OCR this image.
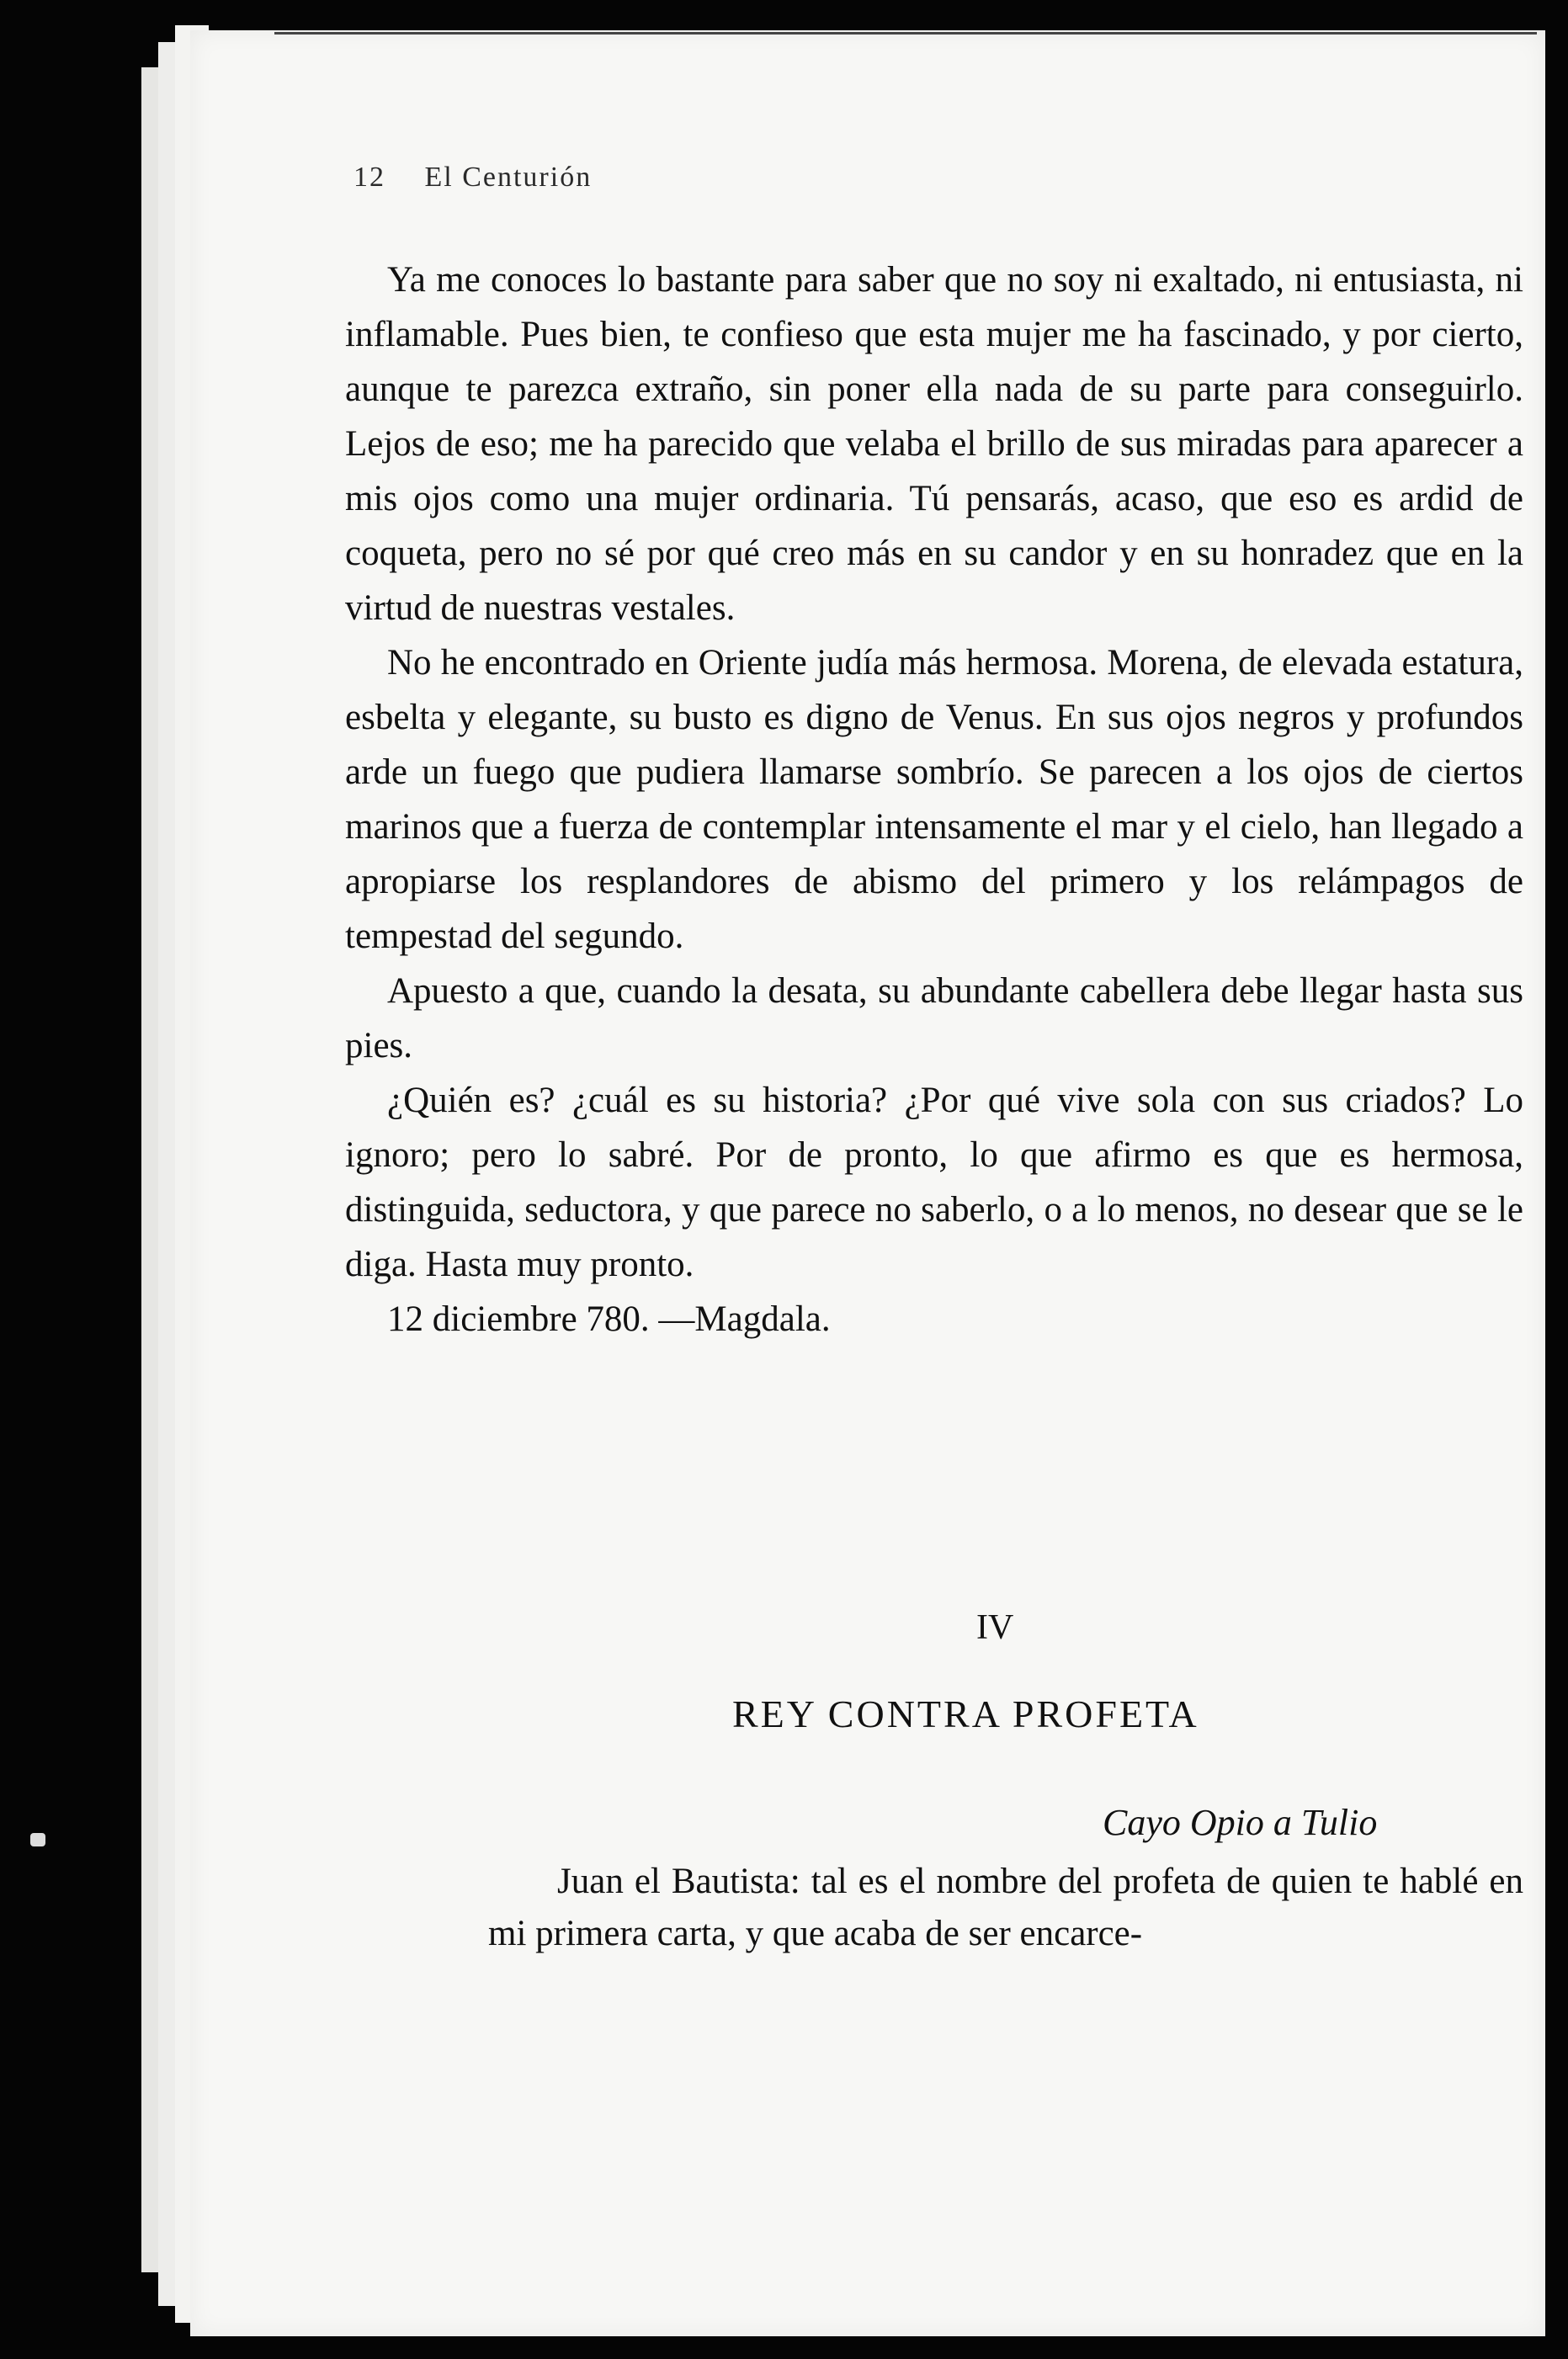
12 El Centurión

Ya me conoces lo bastante para saber que no soy ni exaltado, ni entusiasta, ni inflamable. Pues bien, te confieso que esta mujer me ha fascinado, y por cierto, aunque te parezca extraño, sin poner ella nada de su parte para conseguirlo. Lejos de eso; me ha parecido que velaba el brillo de sus miradas para aparecer a mis ojos como una mujer ordinaria. Tú pensarás, acaso, que eso es ardid de coqueta, pero no sé por qué creo más en su candor y en su honradez que en la virtud de nuestras vestales.

No he encontrado en Oriente judía más hermosa. Morena, de elevada estatura, esbelta y elegante, su busto es digno de Venus. En sus ojos negros y profundos arde un fuego que pudiera llamarse sombrío. Se parecen a los ojos de ciertos marinos que a fuerza de contemplar intensamente el mar y el cielo, han llegado a apropiarse los resplandores de abismo del primero y los relámpagos de tempestad del segundo.

Apuesto a que, cuando la desata, su abundante cabellera debe llegar hasta sus pies.

¿Quién es? ¿cuál es su historia? ¿Por qué vive sola con sus criados? Lo ignoro; pero lo sabré. Por de pronto, lo que afirmo es que es hermosa, distinguida, seductora, y que parece no saberlo, o a lo menos, no desear que se le diga. Hasta muy pronto.

12 diciembre 780. —Magdala.

IV
REY CONTRA PROFETA
Cayo Opio a Tulio

Juan el Bautista: tal es el nombre del profeta de quien te hablé en mi primera carta, y que acaba de ser encarce-
